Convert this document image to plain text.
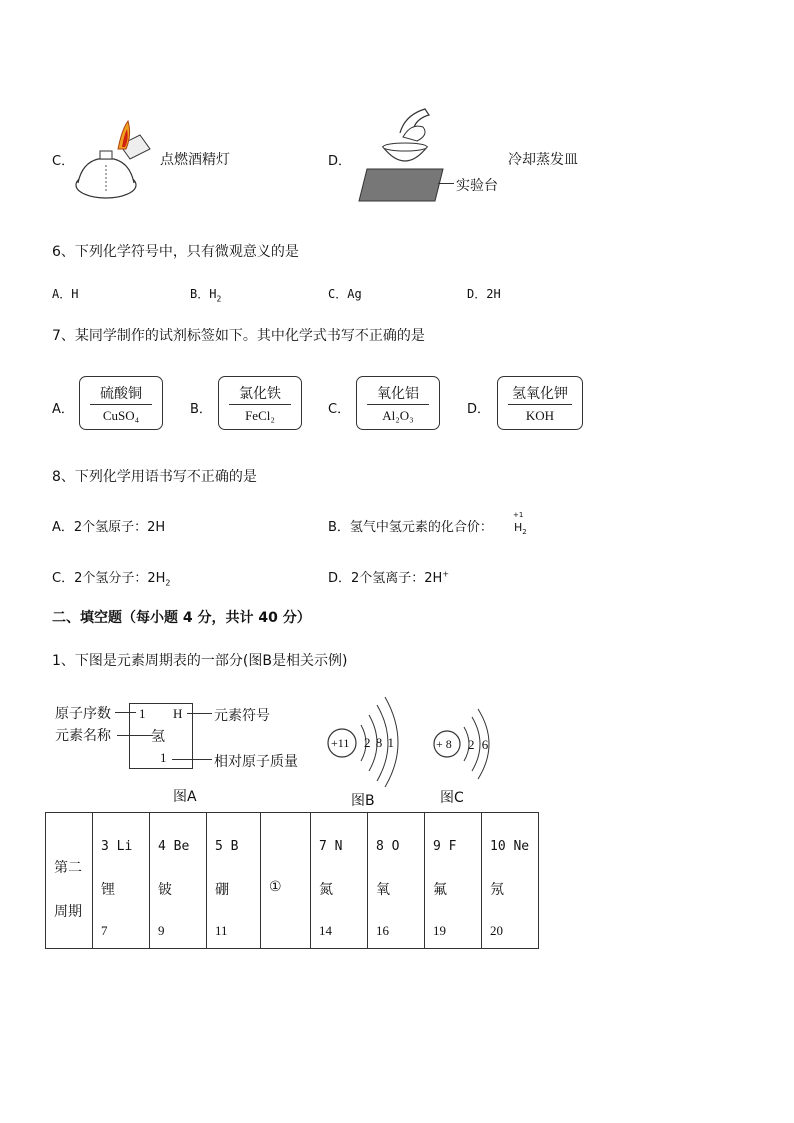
C．	点燃酒精灯	D．	冷却蒸发皿
实验台
6、下列化学符号中，只有微观意义的是
A．H	B．$H_2$	C．Ag	D．2H
7、某同学制作的试剂标签如下。其中化学式书写不正确的是
A．
硫酸铜
CuSO₄	B．
氯化铁
FeCl₂	C．
氧化铝
Al₂O₃	D．
氢氧化钾
KOH
8、下列化学用语书写不正确的是
A．2个氢原子：2H	B．氢气中氢元素的化合价：
+1
$H_2$
C．2个氢分子：$2H_2$	D．2个氢离子：2H+
二、填空题（每小题 4 分，共计 40 分）
1、下图是元素周期表的一部分(图B是相关示例)
原子序数
元素名称
1 H
氢
1
元素符号
相对原子质量
图A
+11 2 8 1
图B
+ 8 2 6
图C
第二
周期

3 Li
锂
7

4 Be
铍
9

5 B
硼
11

①

7 N
氮
14

8 O
氧
16

9 F
氟
19

10 Ne
氖
20
